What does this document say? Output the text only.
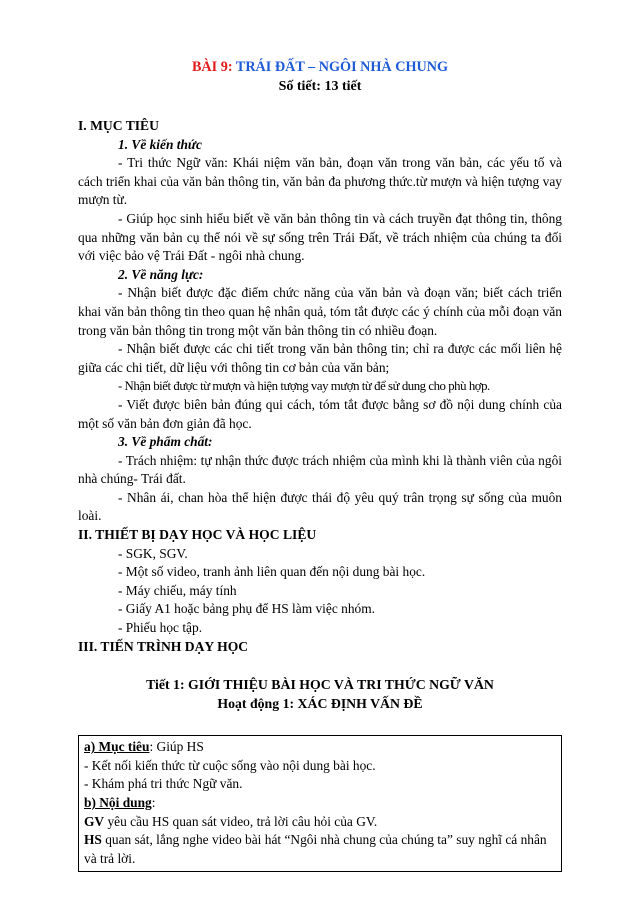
BÀI 9: TRÁI ĐẤT – NGÔI NHÀ CHUNG

Số tiết: 13 tiết

I. MỤC TIÊU

1. Về kiến thức

- Tri thức Ngữ văn: Khái niệm văn bản, đoạn văn trong văn bản, các yếu tố và cách triển khai của văn bản thông tin, văn bản đa phương thức.từ mượn và hiện tượng vay mượn từ.

- Giúp học sinh hiểu biết về văn bản thông tin và cách truyền đạt thông tin, thông qua những văn bản cụ thể nói về sự sống trên Trái Đất, về trách nhiệm của chúng ta đối với việc bảo vệ Trái Đất - ngôi nhà chung.

2. Về năng lực:

- Nhận biết được đặc điểm chức năng của văn bản và đoạn văn; biết cách triển khai văn bản thông tin theo quan hệ nhân quả, tóm tắt được các ý chính của mỗi đoạn văn trong văn bản thông tin trong một văn bản thông tin có nhiều đoạn.

- Nhận biết được các chi tiết trong văn bản thông tin; chỉ ra được các mối liên hệ giữa các chi tiết, dữ liệu với thông tin cơ bản của văn bản;

- Nhận biết được từ mượn và hiện tượng vay mượn từ để sử dung cho phù hợp.

- Viết được biên bản đúng qui cách, tóm tắt được bằng sơ đồ nội dung chính của một số văn bản đơn giản đã học.

3. Về phẩm chất:

- Trách nhiệm: tự nhận thức được trách nhiệm của mình khi là thành viên của ngôi nhà chúng- Trái đất.

- Nhân ái, chan hòa thể hiện được thái độ yêu quý trân trọng sự sống của muôn loài.

II. THIẾT BỊ DẠY HỌC VÀ HỌC LIỆU

- SGK, SGV.

- Một số video, tranh ảnh liên quan đến nội dung bài học.

- Máy chiếu, máy tính

- Giấy A1 hoặc bảng phụ để HS làm việc nhóm.

- Phiếu học tập.

III. TIẾN TRÌNH DẠY HỌC

Tiết 1: GIỚI THIỆU BÀI HỌC VÀ TRI THỨC NGỮ VĂN

Hoạt động 1: XÁC ĐỊNH VẤN ĐỀ

a) Mục tiêu: Giúp HS

- Kết nối kiến thức từ cuộc sống vào nội dung bài học.

- Khám phá tri thức Ngữ văn.

b) Nội dung:

GV yêu cầu HS quan sát video, trả lời câu hỏi của GV.

HS quan sát, lắng nghe video bài hát “Ngôi nhà chung của chúng ta” suy nghĩ cá nhân và trả lời.
